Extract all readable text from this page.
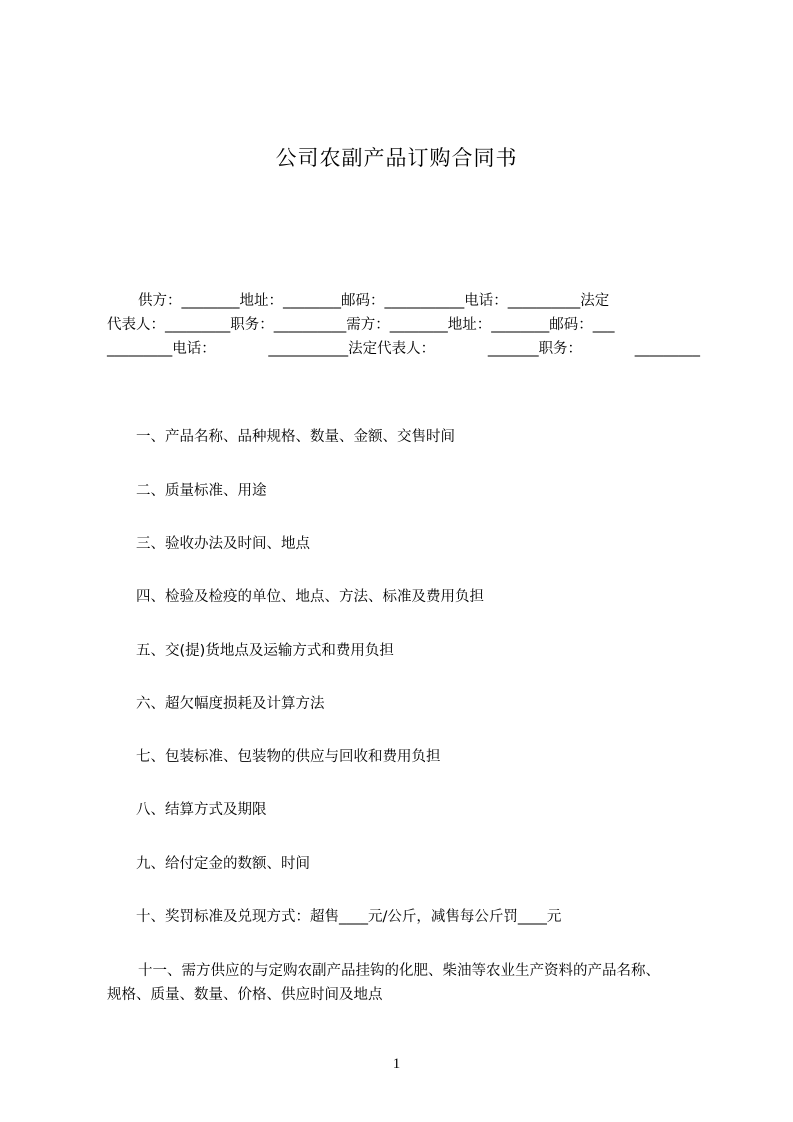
公司农副产品订购合同书
供方：________地址：________邮码：___________电话：__________法定
代表人：_________职务：__________需方：________地址：________邮码：___
_________电话：	___________法定代表人：	_______职务：	_________
一、产品名称、品种规格、数量、金额、交售时间
二、质量标准、用途
三、验收办法及时间、地点
四、检验及检疫的单位、地点、方法、标准及费用负担
五、交(提)货地点及运输方式和费用负担
六、超欠幅度损耗及计算方法
七、包装标准、包装物的供应与回收和费用负担
八、结算方式及期限
九、给付定金的数额、时间
十、奖罚标准及兑现方式：超售____元/公斤，减售每公斤罚____元
十一、需方供应的与定购农副产品挂钩的化肥、柴油等农业生产资料的产品名称、
规格、质量、数量、价格、供应时间及地点
1
